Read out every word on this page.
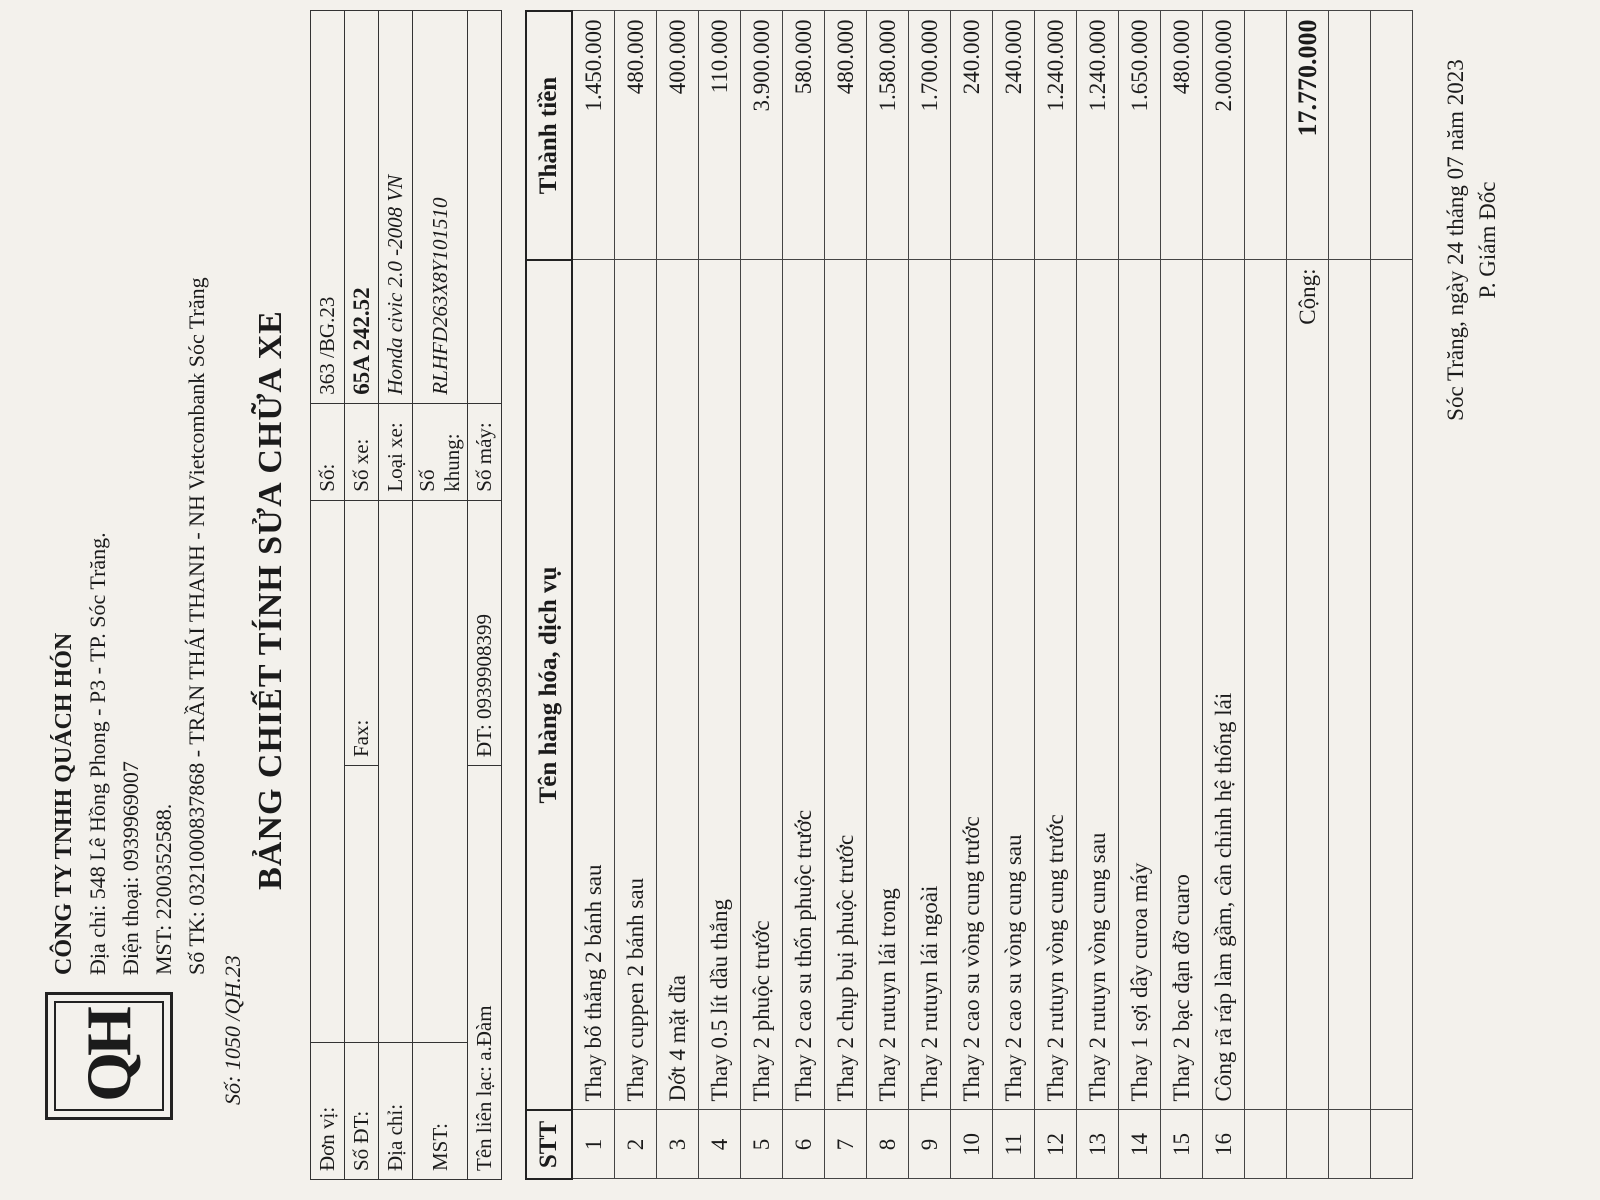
QH
CÔNG TY TNHH QUÁCH HÓN Địa chỉ: 548 Lê Hồng Phong - P3 - TP. Sóc Trăng. Điện thoại: 0939969007 MST: 2200352588. Số TK: 0321000837868 - TRẦN THÁI THANH - NH Vietcombank Sóc Trăng
Số: 1050 /QH.23
BẢNG CHIẾT TÍNH SỬA CHỮA XE
Đơn vị:			Số:	363 /BG.23
Số ĐT:		Fax:	Số xe:	65A 242.52
Địa chỉ:			Loại xe:	Honda civic 2.0 -2008 VN
MST:			Số khung:	RLHFD263X8Y101510
Tên liên lạc: a.Đàm		ĐT: 0939908399	Số máy:	
STT	Tên hàng hóa, dịch vụ	Thành tiền
1	Thay bố thắng 2 bánh sau	1.450.000
2	Thay cuppen 2 bánh sau	480.000
3	Dớt 4 mặt dĩa	400.000
4	Thay 0.5 lít dầu thắng	110.000
5	Thay 2 phuộc trước	3.900.000
6	Thay 2 cao su thốn phuộc trước	580.000
7	Thay 2 chụp bụi phuộc trước	480.000
8	Thay 2 rutuyn lái trong	1.580.000
9	Thay 2 rutuyn lái ngoài	1.700.000
10	Thay 2 cao su vòng cung trước	240.000
11	Thay 2 cao su vòng cung sau	240.000
12	Thay 2 rutuyn vòng cung trước	1.240.000
13	Thay 2 rutuyn vòng cung sau	1.240.000
14	Thay 1 sợi dây curoa máy	1.650.000
15	Thay 2 bạc đạn đỡ cuaro	480.000
16	Công rã ráp làm gầm, cân chỉnh hệ thống lái	2.000.000

	Cộng:	17.770.000

			Sóc Trăng, ngày 24 tháng 07 năm 2023 P. Giám Đốc
